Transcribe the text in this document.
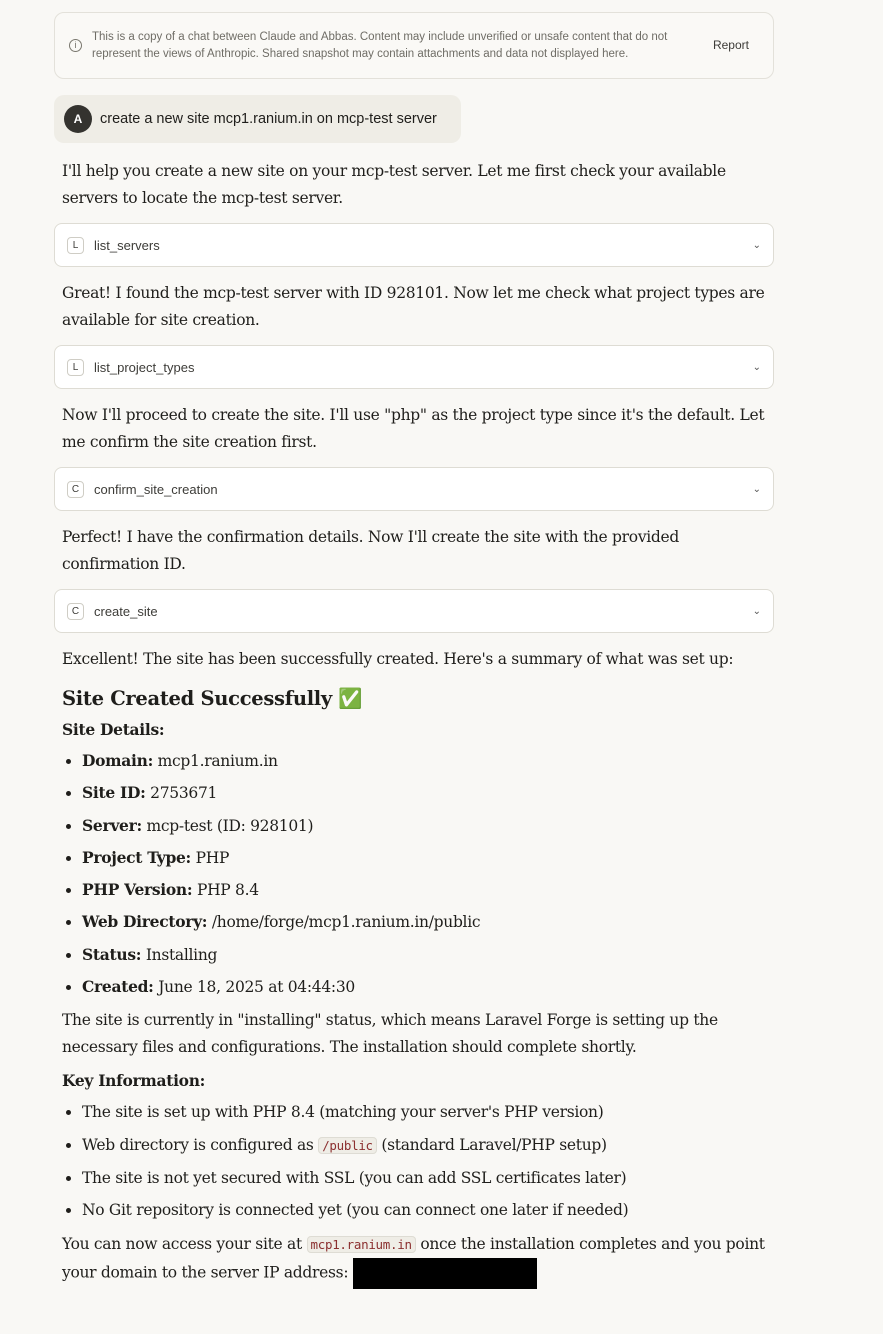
i
This is a copy of a chat between Claude and Abbas. Content may include unverified or unsafe content that do not represent the views of Anthropic. Shared snapshot may contain attachments and data not displayed here.
Report
A	create a new site mcp1.ranium.in on mcp-test server

I'll help you create a new site on your mcp-test server. Let me first check your available servers to locate the mcp-test server.

L	list_servers	⌄

Great! I found the mcp-test server with ID 928101. Now let me check what project types are available for site creation.

L	list_project_types	⌄

Now I'll proceed to create the site. I'll use "php" as the project type since it's the default. Let me confirm the site creation first.

C	confirm_site_creation	⌄

Perfect! I have the confirmation details. Now I'll create the site with the provided confirmation ID.

C	create_site	⌄

Excellent! The site has been successfully created. Here's a summary of what was set up:

Site Created Successfully ✅
Site Details:
• Domain: mcp1.ranium.in
• Site ID: 2753671
• Server: mcp-test (ID: 928101)
• Project Type: PHP
• PHP Version: PHP 8.4
• Web Directory: /home/forge/mcp1.ranium.in/public
• Status: Installing
• Created: June 18, 2025 at 04:44:30

The site is currently in "installing" status, which means Laravel Forge is setting up the necessary files and configurations. The installation should complete shortly.

Key Information:
• The site is set up with PHP 8.4 (matching your server's PHP version)
• Web directory is configured as /public (standard Laravel/PHP setup)
• The site is not yet secured with SSL (you can add SSL certificates later)
• No Git repository is connected yet (you can connect one later if needed)

You can now access your site at mcp1.ranium.in once the installation completes and you point your domain to the server IP address:
